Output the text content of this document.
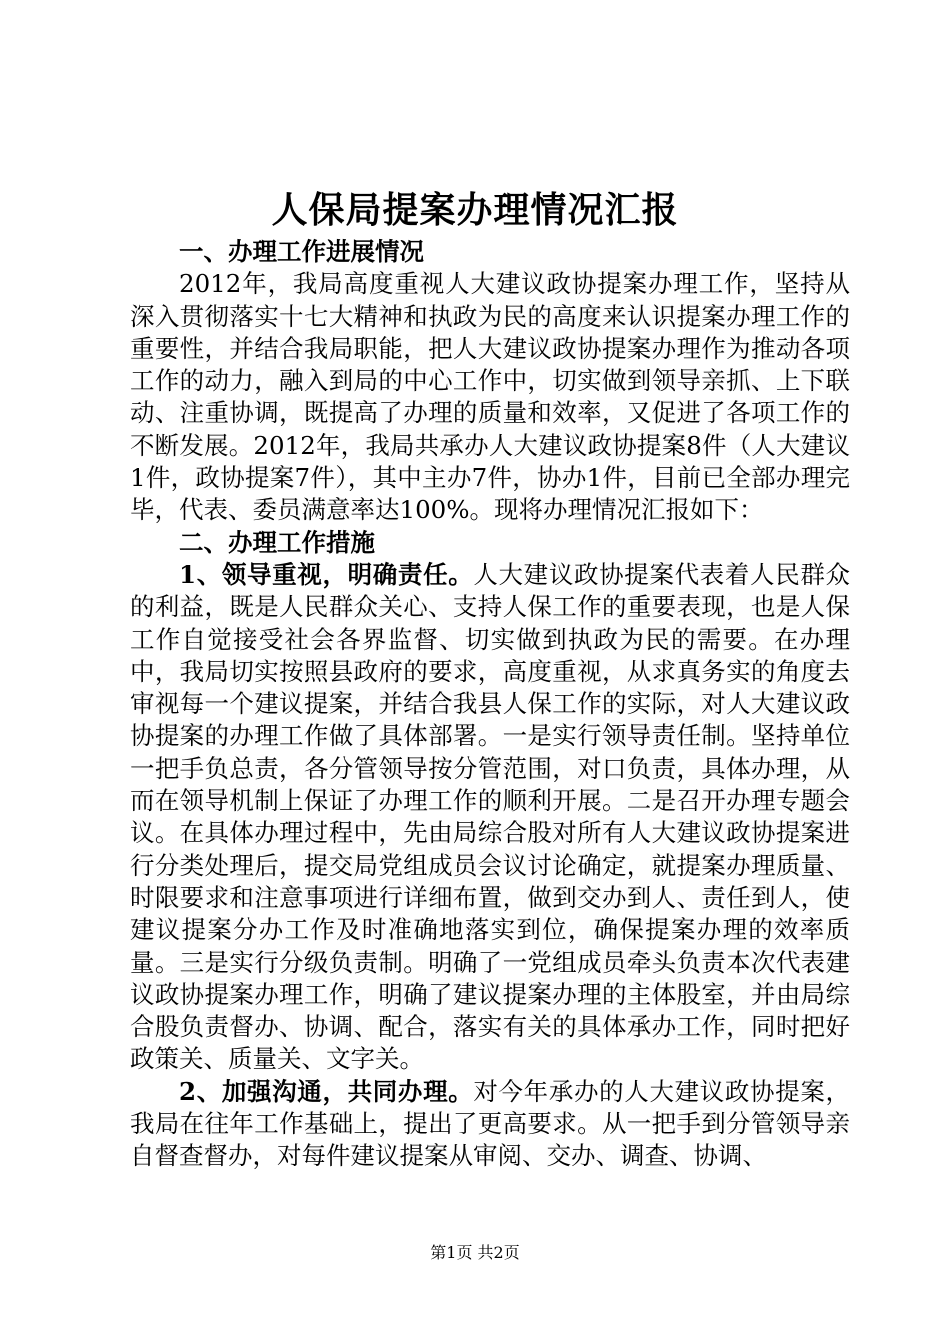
人保局提案办理情况汇报

一、办理工作进展情况

2012年，我局高度重视人大建议政协提案办理工作，坚持从深入贯彻落实十七大精神和执政为民的高度来认识提案办理工作的重要性，并结合我局职能，把人大建议政协提案办理作为推动各项工作的动力，融入到局的中心工作中，切实做到领导亲抓、上下联动、注重协调，既提高了办理的质量和效率，又促进了各项工作的不断发展。2012年，我局共承办人大建议政协提案8件（人大建议1件，政协提案7件），其中主办7件，协办1件，目前已全部办理完毕，代表、委员满意率达100%。现将办理情况汇报如下：

二、办理工作措施

1、领导重视，明确责任。人大建议政协提案代表着人民群众的利益，既是人民群众关心、支持人保工作的重要表现，也是人保工作自觉接受社会各界监督、切实做到执政为民的需要。在办理中，我局切实按照县政府的要求，高度重视，从求真务实的角度去审视每一个建议提案，并结合我县人保工作的实际，对人大建议政协提案的办理工作做了具体部署。一是实行领导责任制。坚持单位一把手负总责，各分管领导按分管范围，对口负责，具体办理，从而在领导机制上保证了办理工作的顺利开展。二是召开办理专题会议。在具体办理过程中，先由局综合股对所有人大建议政协提案进行分类处理后，提交局党组成员会议讨论确定，就提案办理质量、时限要求和注意事项进行详细布置，做到交办到人、责任到人，使建议提案分办工作及时准确地落实到位，确保提案办理的效率质量。三是实行分级负责制。明确了一党组成员牵头负责本次代表建议政协提案办理工作，明确了建议提案办理的主体股室，并由局综合股负责督办、协调、配合，落实有关的具体承办工作，同时把好政策关、质量关、文字关。

2、加强沟通，共同办理。对今年承办的人大建议政协提案，我局在往年工作基础上，提出了更高要求。从一把手到分管领导亲自督查督办，对每件建议提案从审阅、交办、调查、协调、

第1页 共2页
